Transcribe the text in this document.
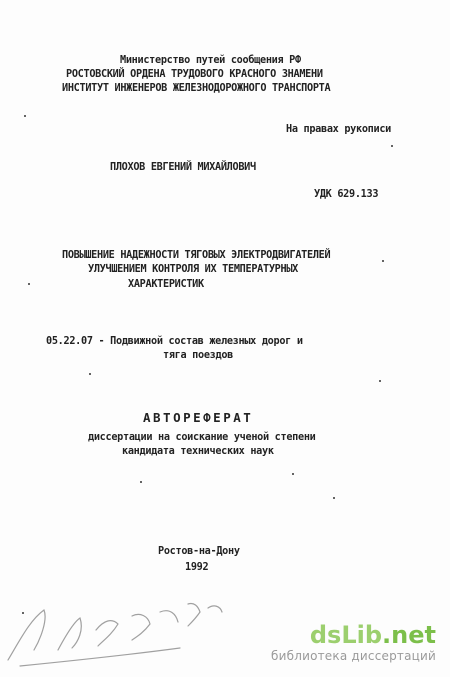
Министерство путей сообщения РФ
РОСТОВСКИЙ ОРДЕНА ТРУДОВОГО КРАСНОГО ЗНАМЕНИ
ИНСТИТУТ ИНЖЕНЕРОВ ЖЕЛЕЗНОДОРОЖНОГО ТРАНСПОРТА
На правах рукописи
ПЛОХОВ ЕВГЕНИЙ МИХАЙЛОВИЧ
УДК 629.133
ПОВЫШЕНИЕ НАДЕЖНОСТИ ТЯГОВЫХ ЭЛЕКТРОДВИГАТЕЛЕЙ
УЛУЧШЕНИЕМ КОНТРОЛЯ ИХ ТЕМПЕРАТУРНЫХ
ХАРАКТЕРИСТИК
05.22.07 - Подвижной состав железных дорог и
тяга поездов
АВТОРЕФЕРАТ
диссертации на соискание ученой степени
кандидата технических наук
Ростов-на-Дону
1992
dsLib.net
библиотека диссертаций
